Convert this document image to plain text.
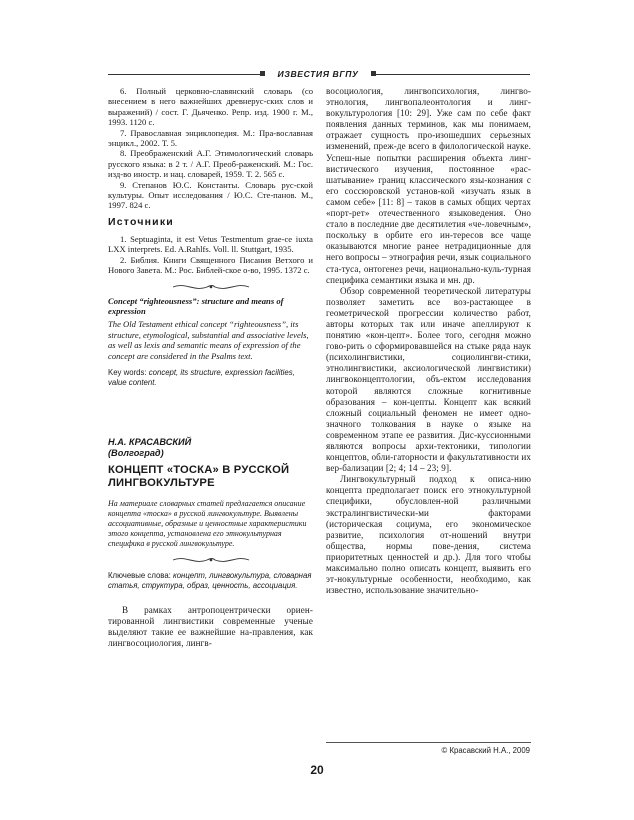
ИЗВЕСТИЯ ВГПУ

6. Полный церковно-славянский словарь (со внесением в него важнейших древнерус-ских слов и выражений) / сост. Г. Дьяченко. Репр. изд. 1900 г. М., 1993. 1120 с.

7. Православная энциклопедия. М.: Пра-вославная энцикл., 2002. Т. 5.

8. Преображенский А.Г. Этимологический словарь русского языка: в 2 т. / А.Г. Преоб-раженский. М.: Гос. изд-во иностр. и нац. словарей, 1959. Т. 2. 565 с.

9. Степанов Ю.С. Константы. Словарь рус-ской культуры. Опыт исследования / Ю.С. Сте-панов. М., 1997. 824 с.

Источники

1. Septuaginta, it est Vetus Testmentum grae-ce iuxta LXX interprets. Ed. A.Rahlfs. Voll. ll. Stuttgart, 1935.

2. Библия. Книги Священного Писания Ветхого и Нового Завета. М.: Рос. Библей-ское о-во, 1995. 1372 с.

Concept “righteousness”: structure and means of expression

The Old Testament ethical concept “righteousness”, its structure, etymological, substantial and associative levels, as well as lexis and semantic means of expression of the concept are considered in the Psalms text.

Key words: concept, its structure, expression facilities, value content.

Н.А. КРАСАВСКИЙ

(Волгоград)

КОНЦЕПТ «ТОСКА» В РУССКОЙ ЛИНГВОКУЛЬТУРЕ

На материале словарных статей предлагается описание концепта «тоска» в русской лингвокультуре. Выявлены ассоциативные, образные и ценностные характеристики этого концепта, установлена его этнокультурная специфика в русской лингвокультуре.

Ключевые слова: концепт, лингвокультура, словарная статья, структура, образ, ценность, ассоциация.

В рамках антропоцентрически ориен-тированной лингвистики современные ученые выделяют такие ее важнейшие на-правления, как лингвосоциология, лингв-

восоциология, лингвопсихология, лингво-этнология, лингвопалеонтология и линг-вокультурология [10: 29]. Уже сам по себе факт появления данных терминов, как мы понимаем, отражает сущность про-изошедших серьезных изменений, преж-де всего в филологической науке. Успеш-ные попытки расширения объекта линг-вистического изучения, постоянное «рас-шатывание» границ классического язы-кознания с его соссюровской установ-кой «изучать язык в самом себе» [11: 8] – таков в самых общих чертах «порт-рет» отечественного языковедения. Оно стало в последние две десятилетия «че-ловечным», поскольку в орбите его ин-тересов все чаще оказываются многие ранее нетрадиционные для него вопросы – этнография речи, язык социального ста-туса, онтогенез речи, национально-куль-турная специфика семантики языка и мн. др.

Обзор современной теоретической литературы позволяет заметить все воз-растающее в геометрической прогрессии количество работ, авторы которых так или иначе апеллируют к понятию «кон-цепт». Более того, сегодня можно гово-рить о сформировавшейся на стыке ряда наук (психолингвистики, социолингви-стики, этнолингвистики, аксиологической лингвистики) лингвоконцептологии, объ-ектом исследования которой являются сложные когнитивные образования – кон-цепты. Концепт как всякий сложный социальный феномен не имеет одно-значного толкования в науке о языке на современном этапе ее развития. Дис-куссионными являются вопросы архи-тектоники, типологии концептов, обли-гаторности и факультативности их вер-бализации [2; 4; 14 – 23; 9].

Лингвокультурный подход к описа-нию концепта предполагает поиск его этнокультурной специфики, обусловлен-ной различными экстралингвистически-ми факторами (историческая социума, его экономическое развитие, психология от-ношений внутри общества, нормы пове-дения, система приоритетных ценностей и др.). Для того чтобы максимально полно описать концепт, выявить его эт-нокультурные особенности, необходимо, как известно, использование значительно-

© Красавский Н.А., 2009
20
